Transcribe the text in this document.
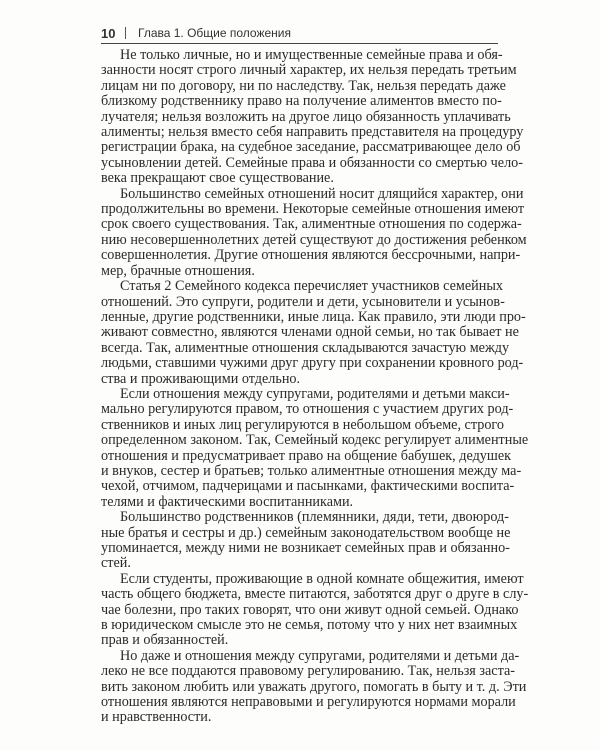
10 Глава 1. Общие положения
Не только личные, но и имущественные семейные права и обя-
занности носят строго личный характер, их нельзя передать третьим
лицам ни по договору, ни по наследству. Так, нельзя передать даже
близкому родственнику право на получение алиментов вместо по-
лучателя; нельзя возложить на другое лицо обязанность уплачивать
алименты; нельзя вместо себя направить представителя на процедуру
регистрации брака, на судебное заседание, рассматривающее дело об
усыновлении детей. Семейные права и обязанности со смертью чело-
века прекращают свое существование.
Большинство семейных отношений носит длящийся характер, они
продолжительны во времени. Некоторые семейные отношения имеют
срок своего существования. Так, алиментные отношения по содержа-
нию несовершеннолетних детей существуют до достижения ребенком
совершеннолетия. Другие отношения являются бессрочными, напри-
мер, брачные отношения.
Статья 2 Семейного кодекса перечисляет участников семейных
отношений. Это супруги, родители и дети, усыновители и усынов-
ленные, другие родственники, иные лица. Как правило, эти люди про-
живают совместно, являются членами одной семьи, но так бывает не
всегда. Так, алиментные отношения складываются зачастую между
людьми, ставшими чужими друг другу при сохранении кровного род-
ства и проживающими отдельно.
Если отношения между супругами, родителями и детьми макси-
мально регулируются правом, то отношения с участием других род-
ственников и иных лиц регулируются в небольшом объеме, строго
определенном законом. Так, Семейный кодекс регулирует алиментные
отношения и предусматривает право на общение бабушек, дедушек
и внуков, сестер и братьев; только алиментные отношения между ма-
чехой, отчимом, падчерицами и пасынками, фактическими воспита-
телями и фактическими воспитанниками.
Большинство родственников (племянники, дяди, тети, двоюрод-
ные братья и сестры и др.) семейным законодательством вообще не
упоминается, между ними не возникает семейных прав и обязанно-
стей.
Если студенты, проживающие в одной комнате общежития, имеют
часть общего бюджета, вместе питаются, заботятся друг о друге в слу-
чае болезни, про таких говорят, что они живут одной семьей. Однако
в юридическом смысле это не семья, потому что у них нет взаимных
прав и обязанностей.
Но даже и отношения между супругами, родителями и детьми да-
леко не все поддаются правовому регулированию. Так, нельзя заста-
вить законом любить или уважать другого, помогать в быту и т. д. Эти
отношения являются неправовыми и регулируются нормами морали
и нравственности.
